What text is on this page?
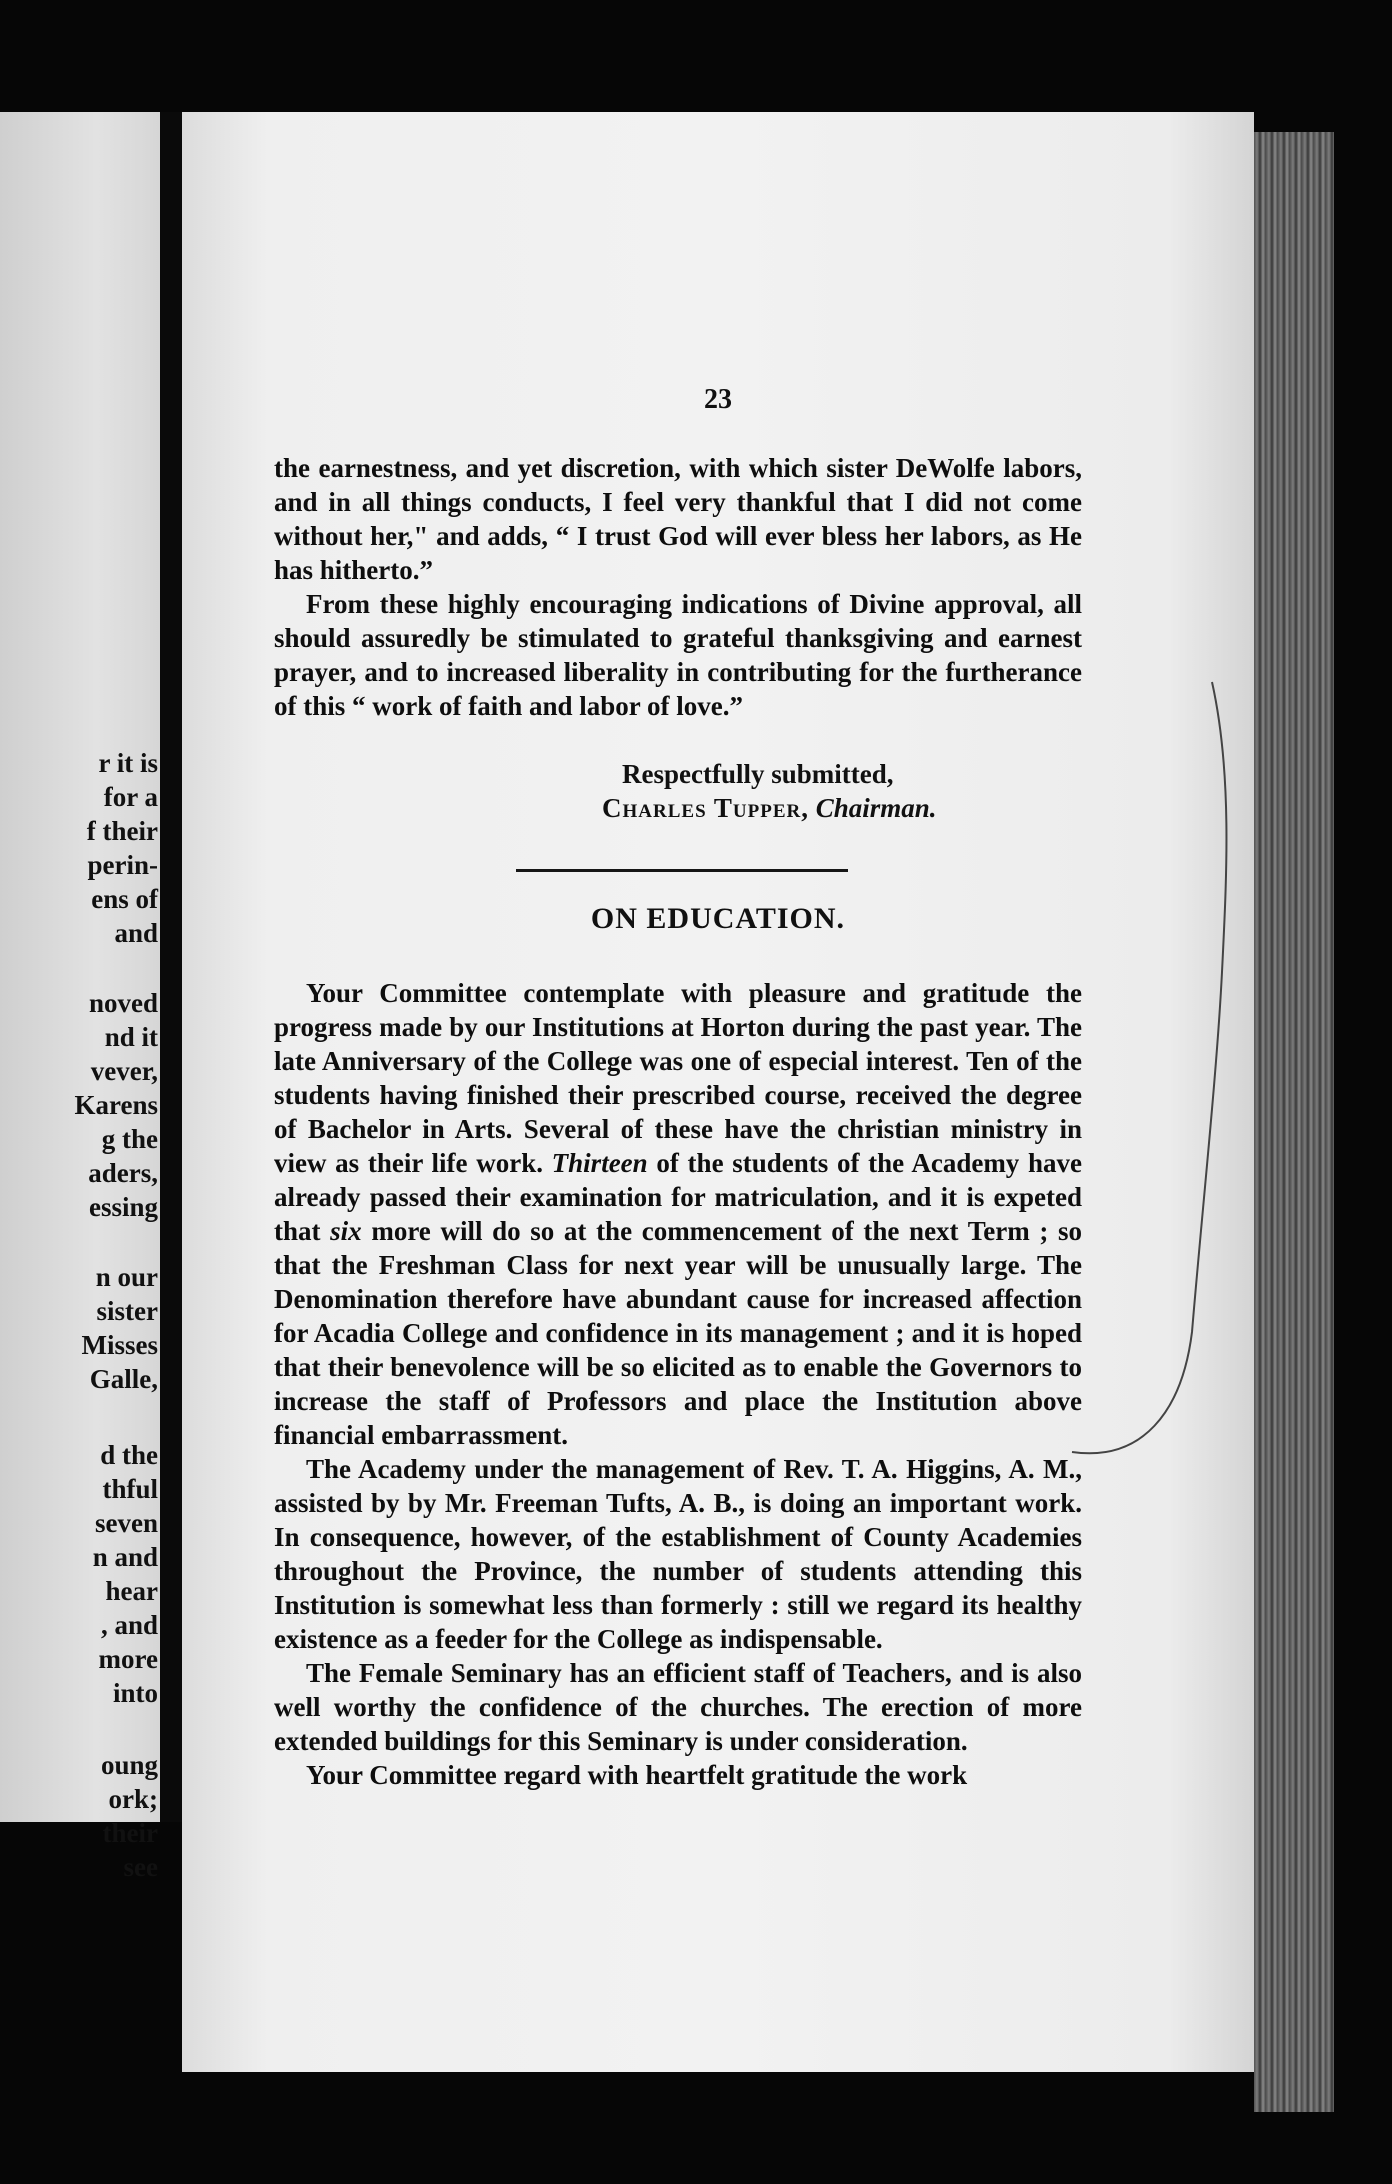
r it is
for a
f their
perin-
ens of
and
noved
nd it
vever,
Karens
g the
aders,
essing
n our
sister
Misses
Galle,
d the
thful
seven
n and
hear
, and
more
into
oung
ork;
their
see
23

the earnestness, and yet discretion, with which sister DeWolfe labors, and in all things conducts, I feel very thankful that I did not come without her," and adds, “ I trust God will ever bless her labors, as He has hitherto.”

From these highly encouraging indications of Divine approval, all should assuredly be stimulated to grateful thanksgiving and earnest prayer, and to increased liberality in contributing for the furtherance of this “ work of faith and labor of love.”

Respectfully submitted,
Charles Tupper, Chairman.
ON EDUCATION.

Your Committee contemplate with pleasure and gratitude the progress made by our Institutions at Horton during the past year. The late Anniversary of the College was one of especial interest. Ten of the students having finished their prescribed course, received the degree of Bachelor in Arts. Several of these have the christian ministry in view as their life work. Thirteen of the students of the Academy have already passed their examination for matriculation, and it is expeted that six more will do so at the commencement of the next Term ; so that the Freshman Class for next year will be unusually large. The Denomination therefore have abundant cause for increased affection for Acadia College and confidence in its management ; and it is hoped that their benevolence will be so elicited as to enable the Governors to increase the staff of Professors and place the Institution above financial embarrassment.

The Academy under the management of Rev. T. A. Higgins, A. M., assisted by by Mr. Freeman Tufts, A. B., is doing an important work. In consequence, however, of the establishment of County Academies throughout the Province, the number of students attending this Institution is somewhat less than formerly : still we regard its healthy existence as a feeder for the College as indispensable.

The Female Seminary has an efficient staff of Teachers, and is also well worthy the confidence of the churches. The erection of more extended buildings for this Seminary is under consideration.

Your Committee regard with heartfelt gratitude the work
